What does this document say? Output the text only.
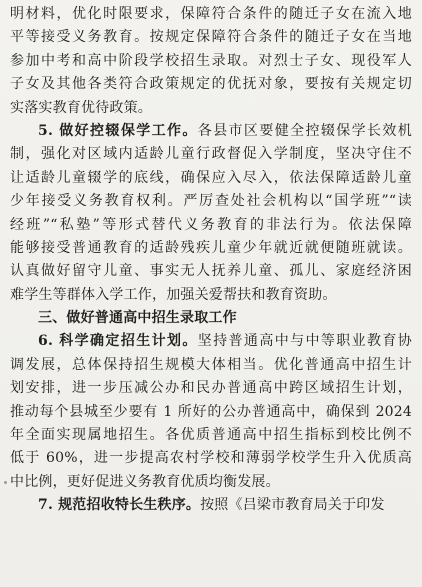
明材料，优化时限要求，保障符合条件的随迁子女在流入地
平等接受义务教育。按规定保障符合条件的随迁子女在当地
参加中考和高中阶段学校招生录取。对烈士子女、现役军人
子女及其他各类符合政策规定的优抚对象，要按有关规定切
实落实教育优待政策。
5. 做好控辍保学工作。各县市区要健全控辍保学长效机
制，强化对区域内适龄儿童行政督促入学制度，坚决守住不
让适龄儿童辍学的底线，确保应入尽入，依法保障适龄儿童
少年接受义务教育权利。严厉查处社会机构以“国学班”“读
经班”“私塾”等形式替代义务教育的非法行为。依法保障
能够接受普通教育的适龄残疾儿童少年就近就便随班就读。
认真做好留守儿童、事实无人抚养儿童、孤儿、家庭经济困
难学生等群体入学工作，加强关爱帮扶和教育资助。
三、做好普通高中招生录取工作
6. 科学确定招生计划。坚持普通高中与中等职业教育协
调发展，总体保持招生规模大体相当。优化普通高中招生计
划安排，进一步压减公办和民办普通高中跨区域招生计划，
推动每个县城至少要有 1 所好的公办普通高中，确保到 2024
年全面实现属地招生。各优质普通高中招生指标到校比例不
低于 60%，进一步提高农村学校和薄弱学校学生升入优质高
中比例，更好促进义务教育优质均衡发展。
7. 规范招收特长生秩序。按照《吕梁市教育局关于印发
